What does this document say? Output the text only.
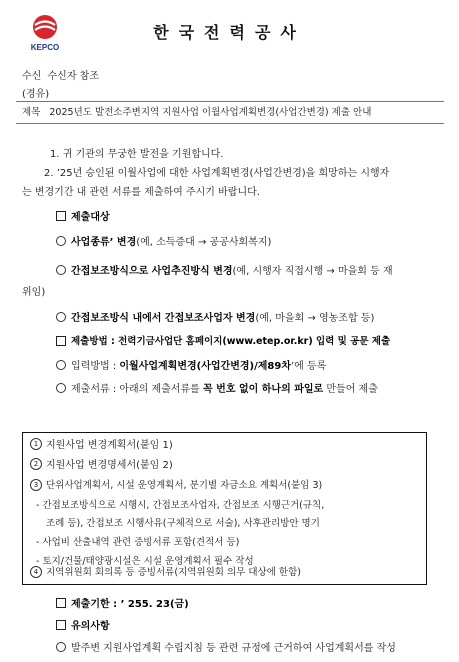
KEPCO
한국전력공사
수신 수신자 참조
(경유)
제목 2025년도 발전소주변지역 지원사업 이월사업계획변경(사업간변경) 제출 안내
1. 귀 기관의 무궁한 발전을 기원합니다.
2. ’25년 승인된 이월사업에 대한 사업계획변경(사업간변경)을 희망하는 시행자
는 변경기간 내 관련 서류를 제출하여 주시기 바랍니다.
제출대상
사업종류’ 변경(예, 소득증대 → 공공사회복지)
간접보조방식으로 사업추진방식 변경(예, 시행자 직접시행 → 마을회 등 재
위임)
간접보조방식 내에서 간접보조사업자 변경(예, 마을회 → 영농조합 등)
제출방법 : 전력기금사업단 홈페이지(www.etep.or.kr) 입력 및 공문 제출
입력방법 : 이월사업계획변경(사업간변경)/제89차’에 등록
제출서류 : 아래의 제출서류를 꼭 번호 없이 하나의 파일로 만들어 제출
1 지원사업 변경계획서(붙임 1)
2 지원사업 변경명세서(붙임 2)
3 단위사업계획서, 시설 운영계획서, 분기별 자금소요 계획서(붙임 3)
- 간접보조방식으로 시행시, 간접보조사업자, 간접보조 시행근거(규칙,
조례 등), 간접보조 시행사유(구체적으로 서술), 사후관리방안 명기
- 사업비 산출내역 관련 증빙서류 포함(견적서 등)
- 토지/건물/태양광시설은 시설 운영계획서 필수 작성
4 지역위원회 회의록 등 증빙서류(지역위원회 의무 대상에 한함)
제출기한 : ’ 255. 23(금)
유의사항
발주변 지원사업계획 수립지침 등 관련 규정에 근거하여 사업계획서를 작성
